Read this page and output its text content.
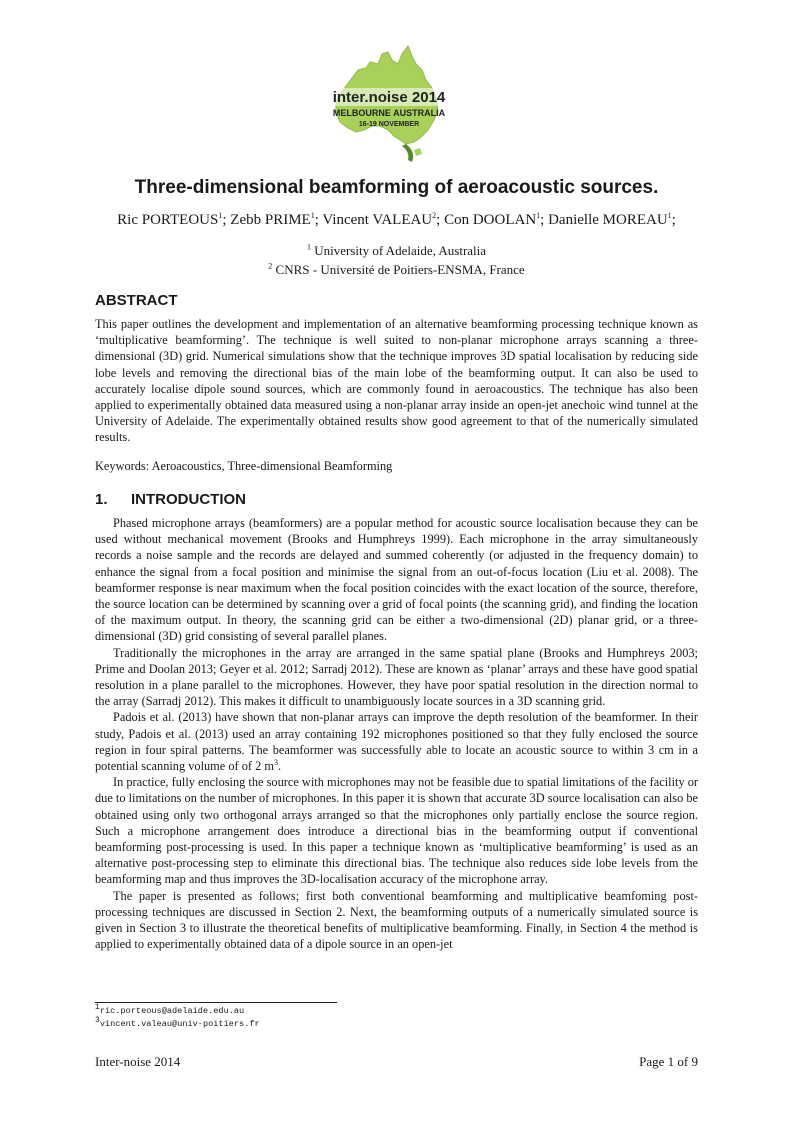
inter.noise 2014
MELBOURNE AUSTRALIA
16-19 NOVEMBER
Three-dimensional beamforming of aeroacoustic sources.
Ric PORTEOUS$^1$; Zebb PRIME$^1$; Vincent VALEAU$^2$; Con DOOLAN$^1$; Danielle MOREAU$^1$;
$^1$ University of Adelaide, Australia
$^2$ CNRS - Université de Poitiers-ENSMA, France
ABSTRACT

This paper outlines the development and implementation of an alternative beamforming processing technique known as ‘multiplicative beamforming’. The technique is well suited to non-planar microphone arrays scanning a three-dimensional (3D) grid. Numerical simulations show that the technique improves 3D spatial localisation by reducing side lobe levels and removing the directional bias of the main lobe of the beamforming output. It can also be used to accurately localise dipole sound sources, which are commonly found in aeroacoustics. The technique has also been applied to experimentally obtained data measured using a non-planar array inside an open-jet anechoic wind tunnel at the University of Adelaide. The experimentally obtained results show good agreement to that of the numerically simulated results.

Keywords: Aeroacoustics, Three-dimensional Beamforming

1. INTRODUCTION

Phased microphone arrays (beamformers) are a popular method for acoustic source localisation because they can be used without mechanical movement (Brooks and Humphreys 1999). Each microphone in the array simultaneously records a noise sample and the records are delayed and summed coherently (or adjusted in the frequency domain) to enhance the signal from a focal position and minimise the signal from an out-of-focus location (Liu et al. 2008). The beamformer response is near maximum when the focal position coincides with the exact location of the source, therefore, the source location can be determined by scanning over a grid of focal points (the scanning grid), and finding the location of the maximum output. In theory, the scanning grid can be either a two-dimensional (2D) planar grid, or a three-dimensional (3D) grid consisting of several parallel planes.

Traditionally the microphones in the array are arranged in the same spatial plane (Brooks and Humphreys 2003; Prime and Doolan 2013; Geyer et al. 2012; Sarradj 2012). These are known as ‘planar’ arrays and these have good spatial resolution in a plane parallel to the microphones. However, they have poor spatial resolution in the direction normal to the array (Sarradj 2012). This makes it difficult to unambiguously locate sources in a 3D scanning grid.

Padois et al. (2013) have shown that non-planar arrays can improve the depth resolution of the beamformer. In their study, Padois et al. (2013) used an array containing 192 microphones positioned so that they fully enclosed the source region in four spiral patterns. The beamformer was successfully able to locate an acoustic source to within 3 cm in a potential scanning volume of of 2 $m^3$.

In practice, fully enclosing the source with microphones may not be feasible due to spatial limitations of the facility or due to limitations on the number of microphones. In this paper it is shown that accurate 3D source localisation can also be obtained using only two orthogonal arrays arranged so that the microphones only partially enclose the source region. Such a microphone arrangement does introduce a directional bias in the beamforming output if conventional beamforming post-processing is used. In this paper a technique known as ‘multiplicative beamforming’ is used as an alternative post-processing step to eliminate this directional bias. The technique also reduces side lobe levels from the beamforming map and thus improves the 3D-localisation accuracy of the microphone array.

The paper is presented as follows; first both conventional beamforming and multiplicative beamfoming post-processing techniques are discussed in Section 2. Next, the beamforming outputs of a numerically simulated source is given in Section 3 to illustrate the theoretical benefits of multiplicative beamforming. Finally, in Section 4 the method is applied to experimentally obtained data of a dipole source in an open-jet

$^1$ric.porteous@adelaide.edu.au
$^3$vincent.valeau@univ-poitiers.fr
Inter-noise 2014	Page 1 of 9
